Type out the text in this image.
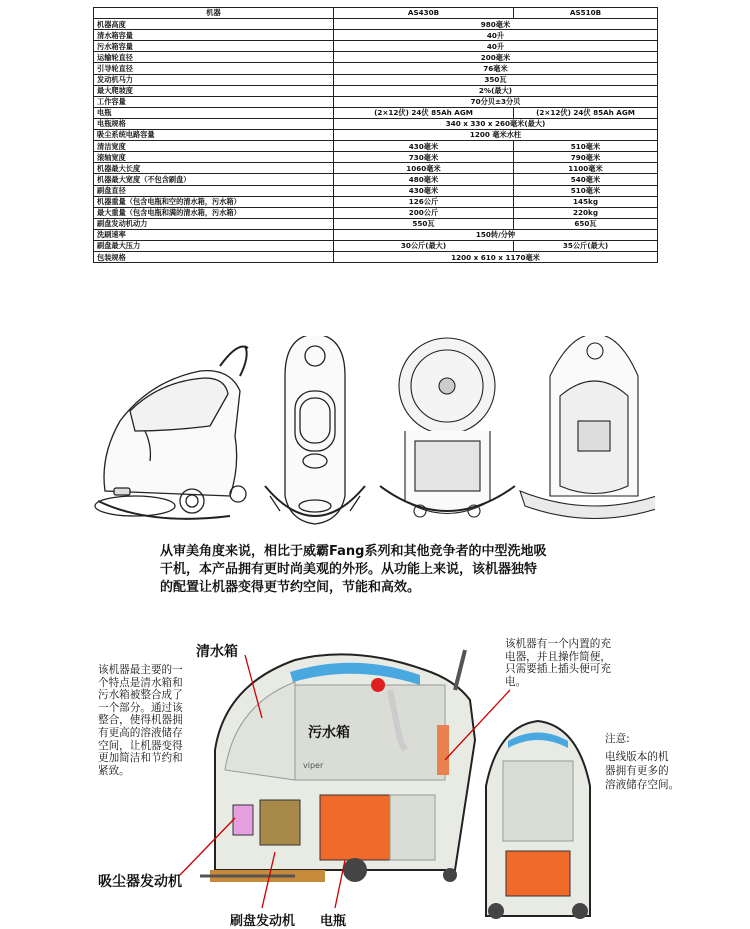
机器	AS430B	AS510B
机器高度	980毫米	
清水箱容量	40升	
污水箱容量	40升	
运输轮直径	200毫米	
引导轮直径	76毫米	
发动机马力	350瓦	
最大爬坡度	2%(最大)	
工作容量	70分贝±3分贝	
电瓶	(2×12伏) 24伏 85Ah AGM	(2×12伏) 24伏 85Ah AGM
电瓶规格	340 x 330 x 260毫米(最大)	
吸尘系统电路容量	1200 毫米水柱	
清洁宽度	430毫米	510毫米
滚轴宽度	730毫米	790毫米
机器最大长度	1060毫米	1100毫米
机器最大宽度（不包含刷盘）	480毫米	540毫米
刷盘直径	430毫米	510毫米
机器重量（包含电瓶和空的清水箱，污水箱）	126公斤	145kg
最大重量（包含电瓶和满的清水箱，污水箱）	200公斤	220kg
刷盘发动机动力	550瓦	650瓦
洗刷速率	150转/分钟	
刷盘最大压力	30公斤(最大)	35公斤(最大)
包装规格	1200 x 610 x 1170毫米	
从审美角度来说，相比于威霸Fang系列和其他竞争者的中型洗地吸
干机，本产品拥有更时尚美观的外形。从功能上来说，该机器独特
的配置让机器变得更节约空间，节能和高效。
viper
清水箱
污水箱
吸尘器发动机
刷盘发动机 电瓶
该机器最主要的一
个特点是清水箱和
污水箱被整合成了
一个部分。通过该
整合，使得机器拥
有更高的溶液储存
空间，让机器变得
更加简洁和节约和
紧致。
该机器有一个内置的充
电器，并且操作简便，
只需要插上插头便可充
电。
注意:
电线版本的机
器拥有更多的
溶液储存空间。
